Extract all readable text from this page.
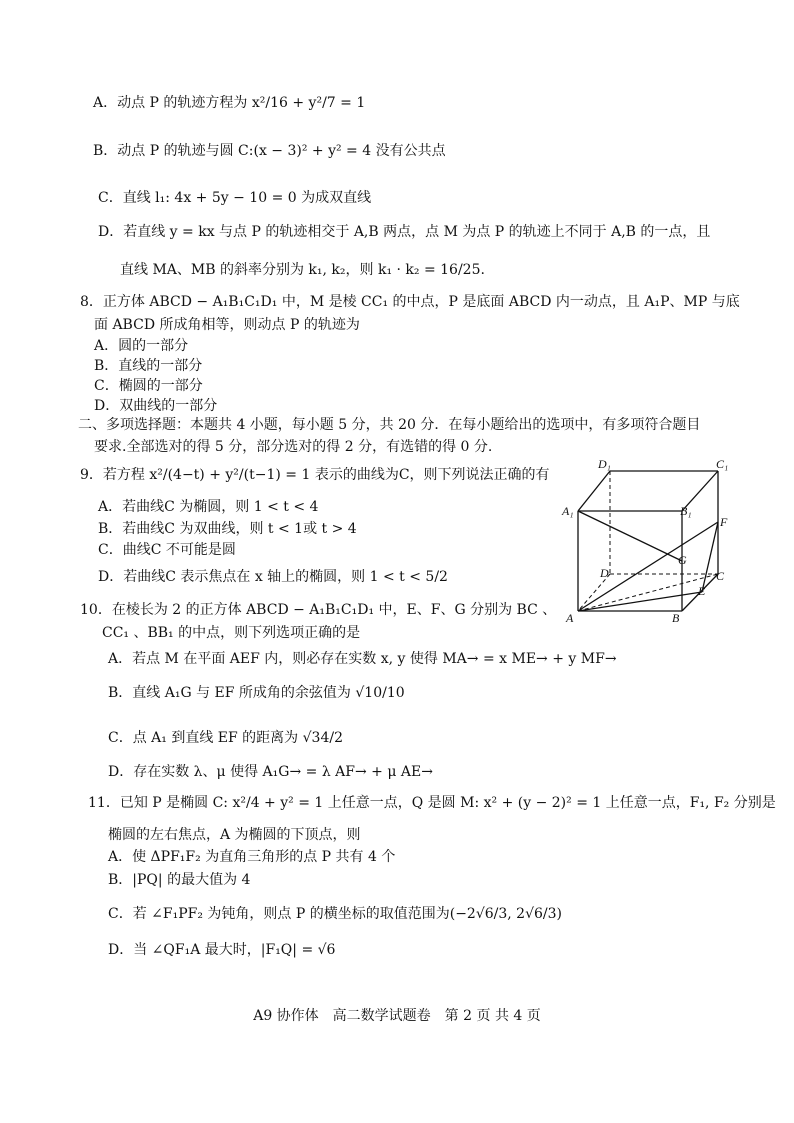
A．动点 P 的轨迹方程为 x²/16 + y²/7 = 1
B．动点 P 的轨迹与圆 C:(x − 3)² + y² = 4 没有公共点
C．直线 l₁: 4x + 5y − 10 = 0 为成双直线
D．若直线 y = kx 与点 P 的轨迹相交于 A,B 两点，点 M 为点 P 的轨迹上不同于 A,B 的一点，且
直线 MA、MB 的斜率分别为 k₁, k₂，则 k₁ · k₂ = 16/25.
8．正方体 ABCD − A₁B₁C₁D₁ 中，M 是棱 CC₁ 的中点，P 是底面 ABCD 内一动点，且 A₁P、MP 与底
面 ABCD 所成角相等，则动点 P 的轨迹为
A．圆的一部分
B．直线的一部分
C．椭圆的一部分
D．双曲线的一部分
二、多项选择题：本题共 4 小题，每小题 5 分，共 20 分．在每小题给出的选项中，有多项符合题目
要求.全部选对的得 5 分，部分选对的得 2 分，有选错的得 0 分.
9．若方程 x²/(4−t) + y²/(t−1) = 1 表示的曲线为C，则下列说法正确的有
A．若曲线C 为椭圆，则 1 < t < 4
B．若曲线C 为双曲线，则 t < 1或 t > 4
C．曲线C 不可能是圆
D．若曲线C 表示焦点在 x 轴上的椭圆，则 1 < t < 5/2
10．在棱长为 2 的正方体 ABCD − A₁B₁C₁D₁ 中，E、F、G 分别为 BC 、
CC₁ 、BB₁ 的中点，则下列选项正确的是
A．若点 M 在平面 AEF 内，则必存在实数 x, y 使得 MA→ = x ME→ + y MF→
B．直线 A₁G 与 EF 所成角的余弦值为 √10/10
C．点 A₁ 到直线 EF 的距离为 √34/2
D．存在实数 λ、μ 使得 A₁G→ = λ AF→ + μ AE→
11．已知 P 是椭圆 C: x²/4 + y² = 1 上任意一点，Q 是圆 M: x² + (y − 2)² = 1 上任意一点，F₁, F₂ 分别是
椭圆的左右焦点，A 为椭圆的下顶点，则
A．使 ΔPF₁F₂ 为直角三角形的点 P 共有 4 个
B．|PQ| 的最大值为 4
C．若 ∠F₁PF₂ 为钝角，则点 P 的横坐标的取值范围为(−2√6/3, 2√6/3)
D．当 ∠QF₁A 最大时，|F₁Q| = √6
D₁	C₁
A₁	B₁
F
G
D	C
E
A	B
A9 协作体　高二数学试题卷　第 2 页 共 4 页
